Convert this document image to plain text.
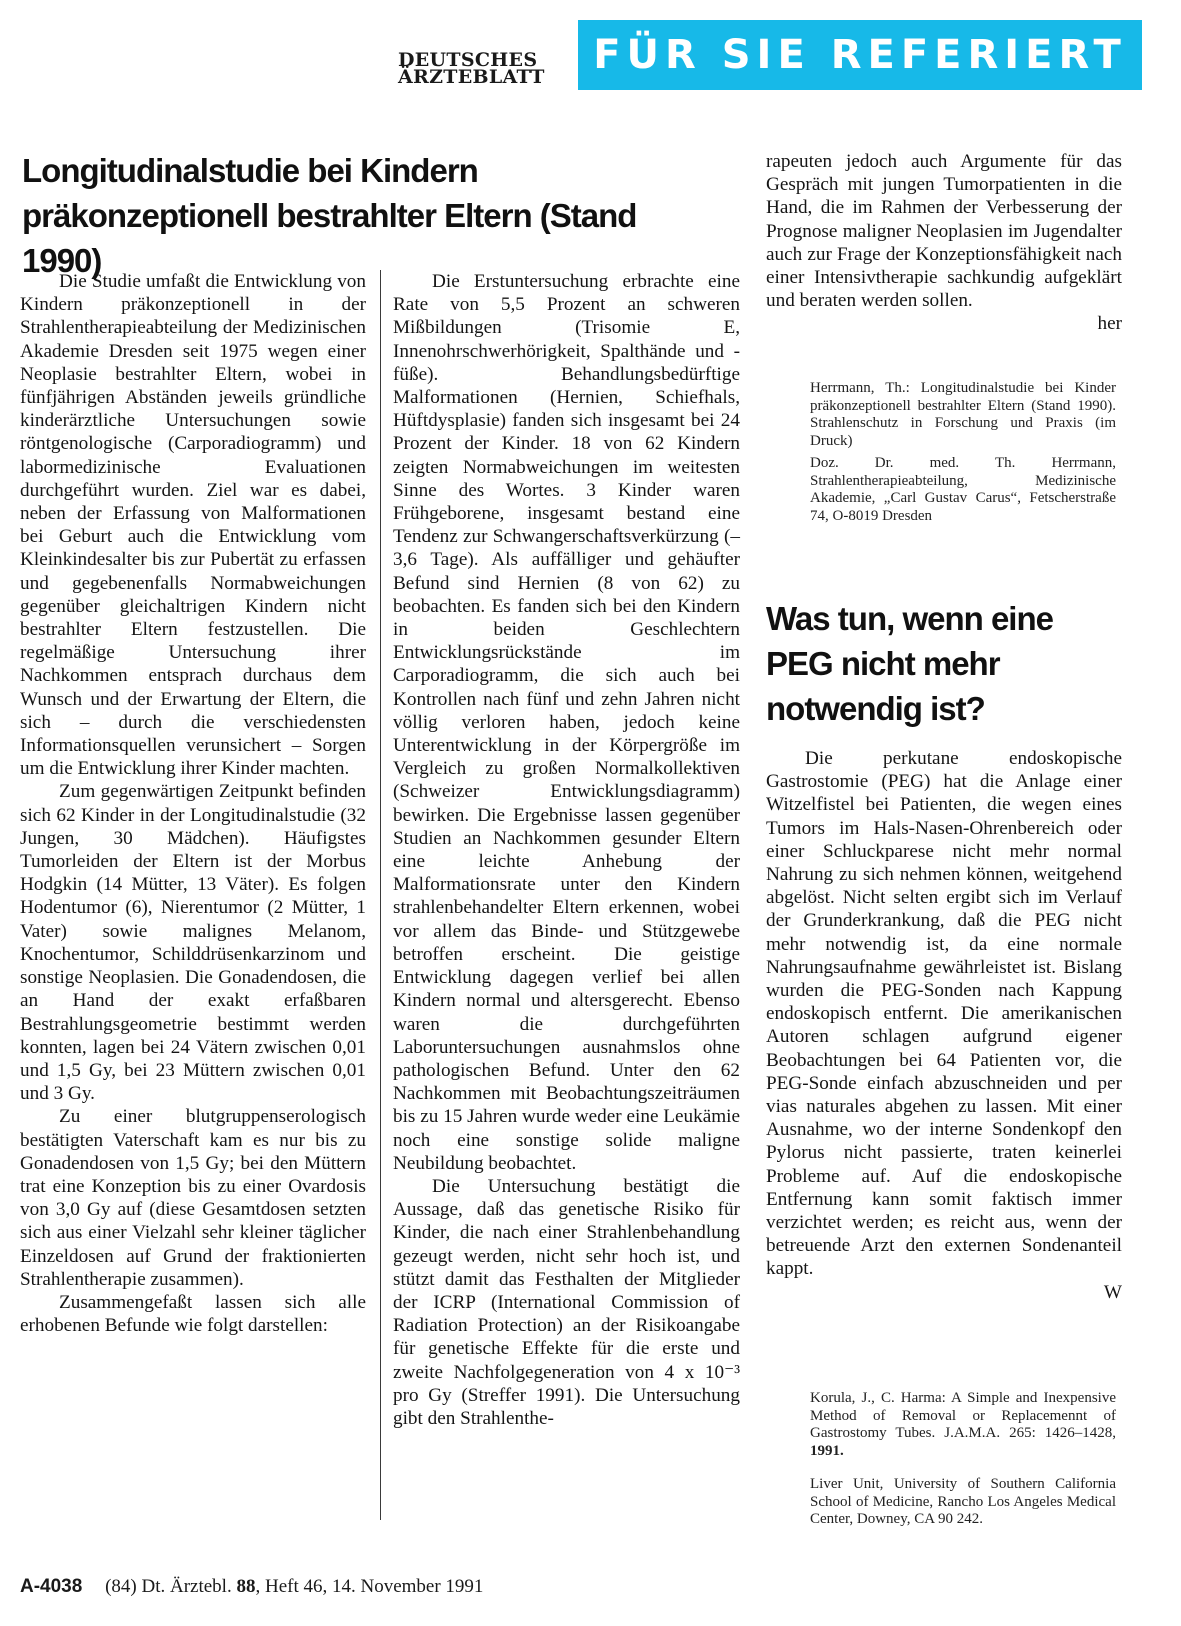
DEUTSCHES
ÄRZTEBLATT	FÜR SIE REFERIERT
Longitudinalstudie bei Kindern präkonzeptionell bestrahlter Eltern (Stand 1990)

Die Studie umfaßt die Entwicklung von Kindern präkonzeptionell in der Strahlentherapieabteilung der Medizinischen Akademie Dresden seit 1975 wegen einer Neoplasie bestrahlter Eltern, wobei in fünfjährigen Abständen jeweils gründliche kinderärztliche Untersuchungen sowie röntgenologische (Carporadiogramm) und labormedizinische Evaluationen durchgeführt wurden. Ziel war es dabei, neben der Erfassung von Malformationen bei Geburt auch die Entwicklung vom Kleinkindesalter bis zur Pubertät zu erfassen und gegebenenfalls Normabweichungen gegenüber gleichaltrigen Kindern nicht bestrahlter Eltern festzustellen. Die regelmäßige Untersuchung ihrer Nachkommen entsprach durchaus dem Wunsch und der Erwartung der Eltern, die sich – durch die verschiedensten Informationsquellen verunsichert – Sorgen um die Entwicklung ihrer Kinder machten.

Zum gegenwärtigen Zeitpunkt befinden sich 62 Kinder in der Longitudinalstudie (32 Jungen, 30 Mädchen). Häufigstes Tumorleiden der Eltern ist der Morbus Hodgkin (14 Mütter, 13 Väter). Es folgen Hodentumor (6), Nierentumor (2 Mütter, 1 Vater) sowie malignes Melanom, Knochentumor, Schilddrüsenkarzinom und sonstige Neoplasien. Die Gonadendosen, die an Hand der exakt erfaßbaren Bestrahlungsgeometrie bestimmt werden konnten, lagen bei 24 Vätern zwischen 0,01 und 1,5 Gy, bei 23 Müttern zwischen 0,01 und 3 Gy.

Zu einer blutgruppenserologisch bestätigten Vaterschaft kam es nur bis zu Gonadendosen von 1,5 Gy; bei den Müttern trat eine Konzeption bis zu einer Ovardosis von 3,0 Gy auf (diese Gesamtdosen setzten sich aus einer Vielzahl sehr kleiner täglicher Einzeldosen auf Grund der fraktionierten Strahlentherapie zusammen).

Zusammengefaßt lassen sich alle erhobenen Befunde wie folgt darstellen:

Die Erstuntersuchung erbrachte eine Rate von 5,5 Prozent an schweren Mißbildungen (Trisomie E, Innenohrschwerhörigkeit, Spalthände und -füße). Behandlungsbedürftige Malformationen (Hernien, Schiefhals, Hüftdysplasie) fanden sich insgesamt bei 24 Prozent der Kinder. 18 von 62 Kindern zeigten Normabweichungen im weitesten Sinne des Wortes. 3 Kinder waren Frühgeborene, insgesamt bestand eine Tendenz zur Schwangerschaftsverkürzung (–3,6 Tage). Als auffälliger und gehäufter Befund sind Hernien (8 von 62) zu beobachten. Es fanden sich bei den Kindern in beiden Geschlechtern Entwicklungsrückstände im Carporadiogramm, die sich auch bei Kontrollen nach fünf und zehn Jahren nicht völlig verloren haben, jedoch keine Unterentwicklung in der Körpergröße im Vergleich zu großen Normalkollektiven (Schweizer Entwicklungsdiagramm) bewirken. Die Ergebnisse lassen gegenüber Studien an Nachkommen gesunder Eltern eine leichte Anhebung der Malformationsrate unter den Kindern strahlenbehandelter Eltern erkennen, wobei vor allem das Binde- und Stützgewebe betroffen erscheint. Die geistige Entwicklung dagegen verlief bei allen Kindern normal und altersgerecht. Ebenso waren die durchgeführten Laboruntersuchungen ausnahmslos ohne pathologischen Befund. Unter den 62 Nachkommen mit Beobachtungszeiträumen bis zu 15 Jahren wurde weder eine Leukämie noch eine sonstige solide maligne Neubildung beobachtet.

Die Untersuchung bestätigt die Aussage, daß das genetische Risiko für Kinder, die nach einer Strahlenbehandlung gezeugt werden, nicht sehr hoch ist, und stützt damit das Festhalten der Mitglieder der ICRP (International Commission of Radiation Protection) an der Risikoangabe für genetische Effekte für die erste und zweite Nachfolgegeneration von 4 x 10⁻³ pro Gy (Streffer 1991). Die Untersuchung gibt den Strahlenthe-

rapeuten jedoch auch Argumente für das Gespräch mit jungen Tumorpatienten in die Hand, die im Rahmen der Verbesserung der Prognose maligner Neoplasien im Jugendalter auch zur Frage der Konzeptionsfähigkeit nach einer Intensivtherapie sachkundig aufgeklärt und beraten werden sollen.

her

Herrmann, Th.: Longitudinalstudie bei Kinder präkonzeptionell bestrahlter Eltern (Stand 1990). Strahlenschutz in Forschung und Praxis (im Druck)

Doz. Dr. med. Th. Herrmann, Strahlentherapieabteilung, Medizinische Akademie, „Carl Gustav Carus“, Fetscherstraße 74, O-8019 Dresden

Was tun, wenn eine PEG nicht mehr notwendig ist?

Die perkutane endoskopische Gastrostomie (PEG) hat die Anlage einer Witzelfistel bei Patienten, die wegen eines Tumors im Hals-Nasen-Ohrenbereich oder einer Schluckparese nicht mehr normal Nahrung zu sich nehmen können, weitgehend abgelöst. Nicht selten ergibt sich im Verlauf der Grunderkrankung, daß die PEG nicht mehr notwendig ist, da eine normale Nahrungsaufnahme gewährleistet ist. Bislang wurden die PEG-Sonden nach Kappung endoskopisch entfernt. Die amerikanischen Autoren schlagen aufgrund eigener Beobachtungen bei 64 Patienten vor, die PEG-Sonde einfach abzuschneiden und per vias naturales abgehen zu lassen. Mit einer Ausnahme, wo der interne Sondenkopf den Pylorus nicht passierte, traten keinerlei Probleme auf. Auf die endoskopische Entfernung kann somit faktisch immer verzichtet werden; es reicht aus, wenn der betreuende Arzt den externen Sondenanteil kappt.

W

Korula, J., C. Harma: A Simple and Inexpensive Method of Removal or Replacemennt of Gastrostomy Tubes. J.A.M.A. 265: 1426–1428, 1991.

Liver Unit, University of Southern California School of Medicine, Rancho Los Angeles Medical Center, Downey, CA 90 242.

A-4038 (84) Dt. Ärztebl. 88, Heft 46, 14. November 1991
